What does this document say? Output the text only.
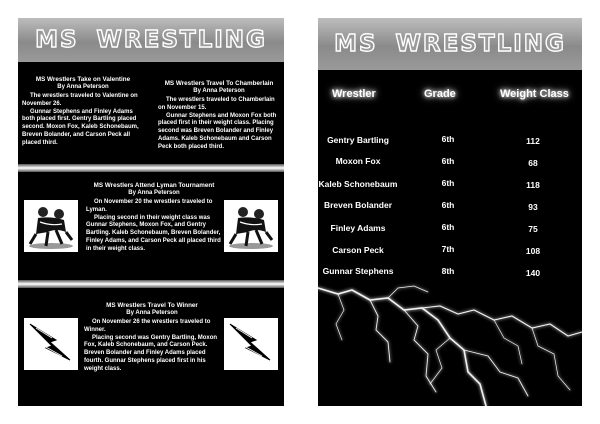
MS WRESTLING
MS Wrestlers Take on Valentine
By Anna Peterson

The wrestlers traveled to Valentine on November 26.

Gunnar Stephens and Finley Adams both placed first. Gentry Bartling placed second. Moxon Fox, Kaleb Schonebaum, Breven Bolander, and Carson Peck all placed third.

MS Wrestlers Travel To Chamberlain
By Anna Peterson

The wrestlers traveled to Chamberlain on November 15.

Gunnar Stephens and Moxon Fox both placed first in their weight class. Placing second was Breven Bolander and Finley Adams. Kaleb Schonebaum and Carson Peck both placed third.

MS Wrestlers Attend Lyman Tournament
By Anna Peterson

On November 20 the wrestlers traveled to Lyman.

Placing second in their weight class was Gunnar Stephens, Moxon Fox, and Gentry Bartling. Kaleb Schonebaum, Breven Bolander, Finley Adams, and Carson Peck all placed third in their weight class.

MS Wrestlers Travel To Winner
By Anna Peterson

On November 26 the wrestlers traveled to Winner.

Placing second was Gentry Bartling, Moxon Fox, Kaleb Schonebaum, and Carson Peck. Breven Bolander and Finley Adams placed fourth. Gunnar Stephens placed first in his weight class.

MS WRESTLING
Wrestler	Grade	Weight Class
Gentry Bartling	6th	112
Moxon Fox	6th	68
Kaleb Schonebaum	6th	118
Breven Bolander	6th	93
Finley Adams	6th	75
Carson Peck	7th	108
Gunnar Stephens	8th	140
